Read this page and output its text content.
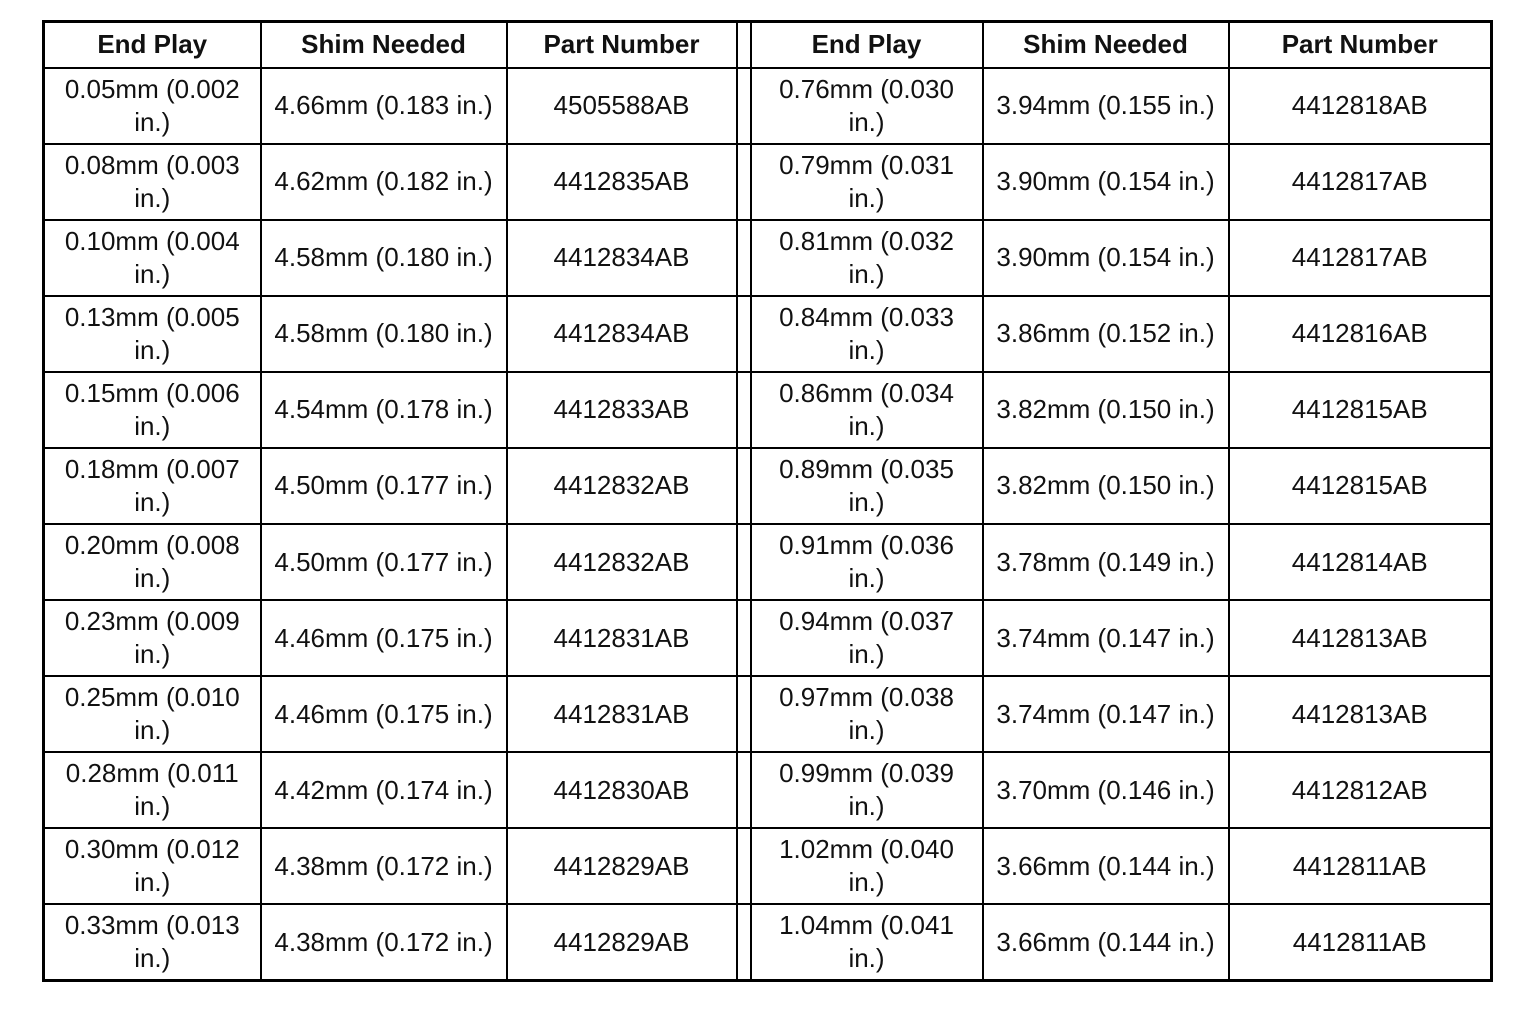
End Play	Shim Needed	Part Number		End Play	Shim Needed	Part Number
0.05mm (0.002 in.)	4.66mm (0.183 in.)	4505588AB		0.76mm (0.030 in.)	3.94mm (0.155 in.)	4412818AB
0.08mm (0.003 in.)	4.62mm (0.182 in.)	4412835AB		0.79mm (0.031 in.)	3.90mm (0.154 in.)	4412817AB
0.10mm (0.004 in.)	4.58mm (0.180 in.)	4412834AB		0.81mm (0.032 in.)	3.90mm (0.154 in.)	4412817AB
0.13mm (0.005 in.)	4.58mm (0.180 in.)	4412834AB		0.84mm (0.033 in.)	3.86mm (0.152 in.)	4412816AB
0.15mm (0.006 in.)	4.54mm (0.178 in.)	4412833AB		0.86mm (0.034 in.)	3.82mm (0.150 in.)	4412815AB
0.18mm (0.007 in.)	4.50mm (0.177 in.)	4412832AB		0.89mm (0.035 in.)	3.82mm (0.150 in.)	4412815AB
0.20mm (0.008 in.)	4.50mm (0.177 in.)	4412832AB		0.91mm (0.036 in.)	3.78mm (0.149 in.)	4412814AB
0.23mm (0.009 in.)	4.46mm (0.175 in.)	4412831AB		0.94mm (0.037 in.)	3.74mm (0.147 in.)	4412813AB
0.25mm (0.010 in.)	4.46mm (0.175 in.)	4412831AB		0.97mm (0.038 in.)	3.74mm (0.147 in.)	4412813AB
0.28mm (0.011 in.)	4.42mm (0.174 in.)	4412830AB		0.99mm (0.039 in.)	3.70mm (0.146 in.)	4412812AB
0.30mm (0.012 in.)	4.38mm (0.172 in.)	4412829AB		1.02mm (0.040 in.)	3.66mm (0.144 in.)	4412811AB
0.33mm (0.013 in.)	4.38mm (0.172 in.)	4412829AB		1.04mm (0.041 in.)	3.66mm (0.144 in.)	4412811AB
